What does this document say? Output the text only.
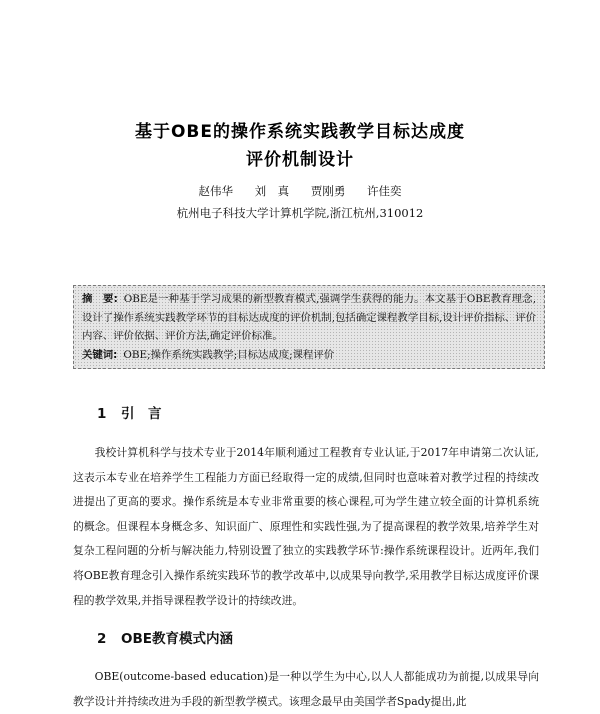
基于OBE的操作系统实践教学目标达成度
评价机制设计
赵伟华 刘　真 贾刚勇 许佳奕
杭州电子科技大学计算机学院,浙江杭州,310012

摘　要: OBE是一种基于学习成果的新型教育模式,强调学生获得的能力。本文基于OBE教育理念,设计了操作系统实践教学环节的目标达成度的评价机制,包括确定课程教学目标,设计评价指标、评价内容、评价依据、评价方法,确定评价标准。

关键词: OBE;操作系统实践教学;目标达成度;课程评价

1 引　言

我校计算机科学与技术专业于2014年顺利通过工程教育专业认证,于2017年申请第二次认证,这表示本专业在培养学生工程能力方面已经取得一定的成绩,但同时也意味着对教学过程的持续改进提出了更高的要求。操作系统是本专业非常重要的核心课程,可为学生建立较全面的计算机系统的概念。但课程本身概念多、知识面广、原理性和实践性强,为了提高课程的教学效果,培养学生对复杂工程问题的分析与解决能力,特别设置了独立的实践教学环节:操作系统课程设计。近两年,我们将OBE教育理念引入操作系统实践环节的教学改革中,以成果导向教学,采用教学目标达成度评价课程的教学效果,并指导课程教学设计的持续改进。

2 OBE教育模式内涵

OBE(outcome-based education)是一种以学生为中心,以人人都能成功为前提,以成果导向教学设计并持续改进为手段的新型教学模式。该理念最早由美国学者Spady提出,此
